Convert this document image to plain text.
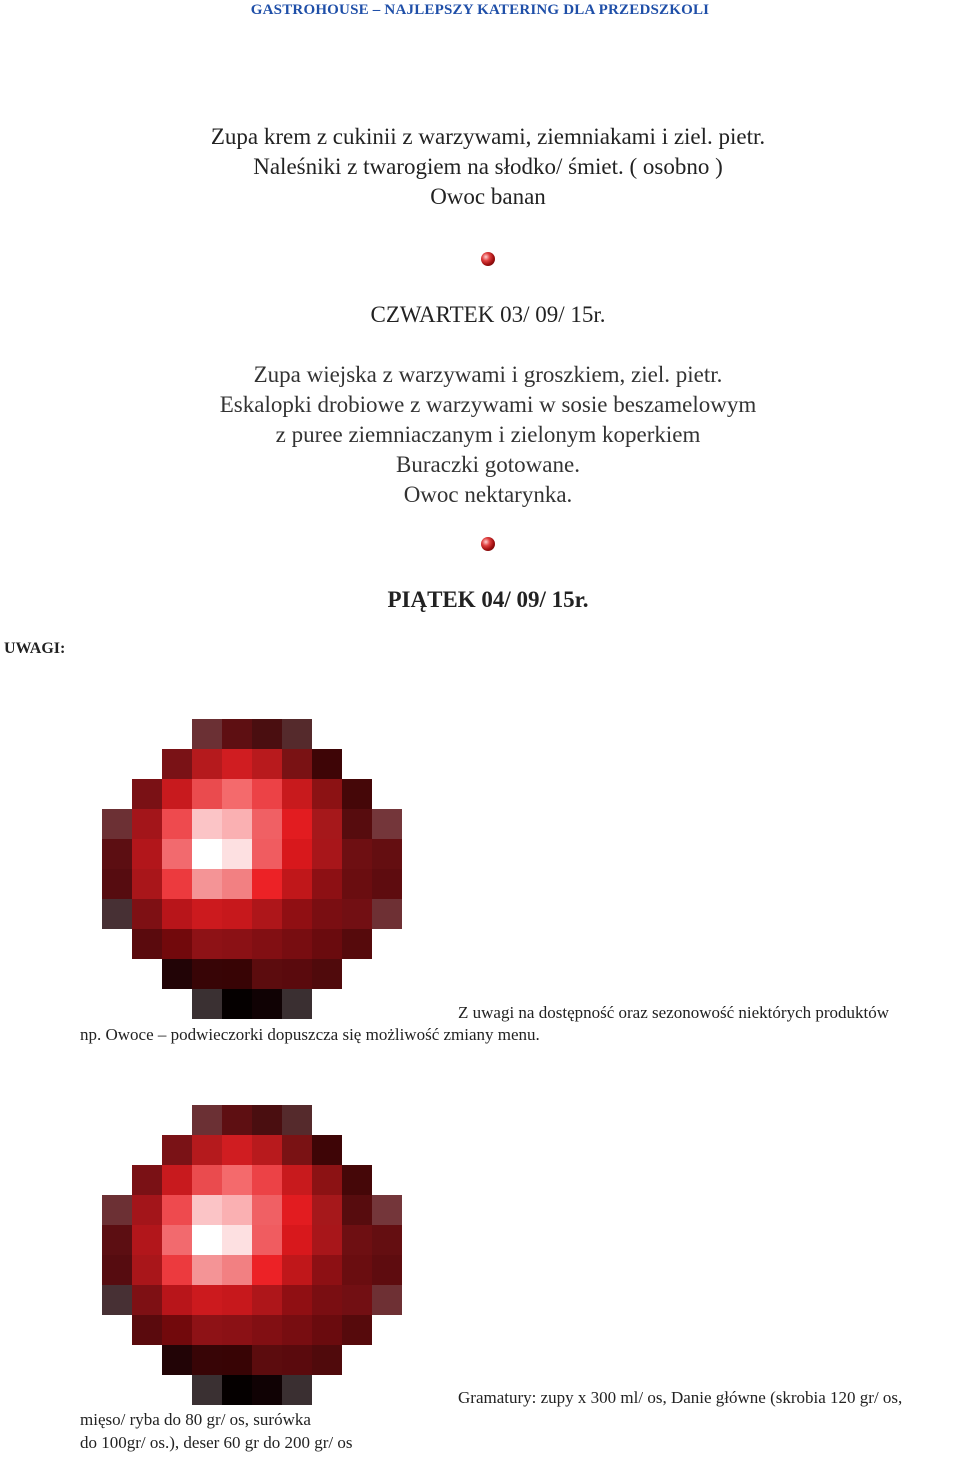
GASTROHOUSE – NAJLEPSZY KATERING DLA PRZEDSZKOLI
Zupa krem z cukinii z warzywami, ziemniakami i ziel. pietr.
Naleśniki z twarogiem na słodko/ śmiet. ( osobno )
Owoc banan
CZWARTEK 03/ 09/ 15r.
Zupa wiejska z warzywami i groszkiem, ziel. pietr.
Eskalopki drobiowe z warzywami w sosie beszamelowym
z puree ziemniaczanym i zielonym koperkiem
Buraczki gotowane.
Owoc nektarynka.
PIĄTEK 04/ 09/ 15r.
UWAGI:
Z uwagi na dostępność oraz sezonowość niektórych produktów
np. Owoce – podwieczorki dopuszcza się możliwość zmiany menu.
Gramatury: zupy x 300 ml/ os, Danie główne (skrobia 120 gr/ os,
mięso/ ryba do 80 gr/ os, surówka
do 100gr/ os.), deser 60 gr do 200 gr/ os
